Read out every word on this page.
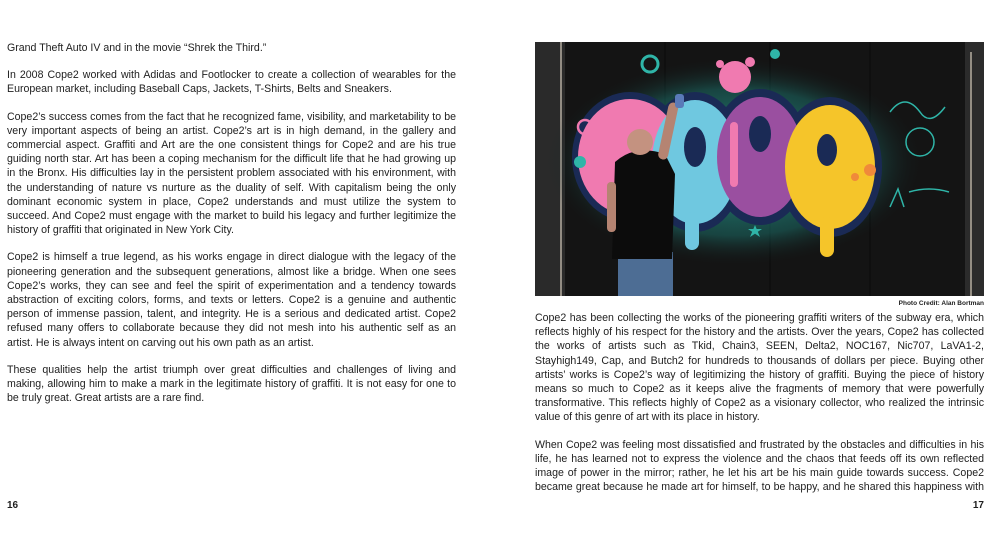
Grand Theft Auto IV and in the movie “Shrek the Third.”

In 2008 Cope2 worked with Adidas and Footlocker to create a collection of wearables for the European market, including Baseball Caps, Jackets, T-Shirts, Belts and Sneakers.

Cope2’s success comes from the fact that he recognized fame, visibility, and marketability to be very important aspects of being an artist. Cope2’s art is in high demand, in the gallery and commercial aspect. Graffiti and Art are the one consistent things for Cope2 and are his true guiding north star. Art has been a coping mechanism for the difficult life that he had growing up in the Bronx. His difficulties lay in the persistent problem associated with his environment, with the understanding of nature vs nurture as the duality of self. With capitalism being the only dominant economic system in place, Cope2 understands and must utilize the system to succeed. And Cope2 must engage with the market to build his legacy and further legitimize the history of graffiti that originated in New York City.

Cope2 is himself a true legend, as his works engage in direct dialogue with the legacy of the pioneering generation and the subsequent generations, almost like a bridge. When one sees Cope2’s works, they can see and feel the spirit of experimentation and a tendency towards abstraction of exciting colors, forms, and texts or letters. Cope2 is a genuine and authentic person of immense passion, talent, and integrity. He is a serious and dedicated artist. Cope2 refused many offers to collaborate because they did not mesh into his authentic self as an artist. He is always intent on carving out his own path as an artist.

These qualities help the artist triumph over great difficulties and challenges of living and making, allowing him to make a mark in the legitimate history of graffiti. It is not easy for one to be truly great. Great artists are a rare find.

16
Photo Credit: Alan Bortman

Cope2 has been collecting the works of the pioneering graffiti writers of the subway era, which reflects highly of his respect for the history and the artists. Over the years, Cope2 has collected the works of artists such as Tkid, Chain3, SEEN, Delta2, NOC167, Nic707, LaVA1-2, Stayhigh149, Cap, and Butch2 for hundreds to thousands of dollars per piece. Buying other artists’ works is Cope2’s way of legitimizing the history of graffiti. Buying the piece of history means so much to Cope2 as it keeps alive the fragments of memory that were powerfully transformative. This reflects highly of Cope2 as a visionary collector, who realized the intrinsic value of this genre of art with its place in history.

When Cope2 was feeling most dissatisfied and frustrated by the obstacles and difficulties in his life, he has learned not to express the violence and the chaos that feeds off its own reflected image of power in the mirror; rather, he let his art be his main guide towards success. Cope2 became great because he made art for himself, to be happy, and he shared this happiness with

17
